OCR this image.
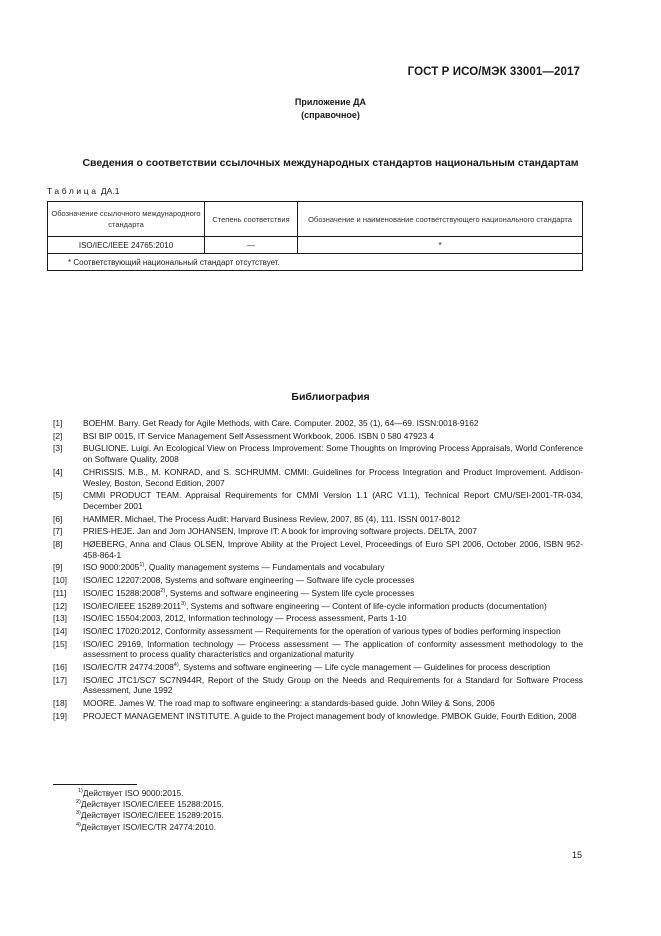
ГОСТ Р ИСО/МЭК 33001—2017
Приложение ДА
(справочное)
Сведения о соответствии ссылочных международных стандартов национальным стандартам
Таблица ДА.1
Обозначение ссылочного международного стандарта	Степень соответствия	Обозначение и наименование соответствующего национального стандарта
ISO/IEC/IEEE 24765:2010	—	*
* Соответствующий национальный стандарт отсутствует.		
Библиография
[1]	BOEHM. Barry. Get Ready for Agile Methods, with Care. Computer. 2002, 35 (1), 64—69. ISSN:0018-9162
[2]	BSI BIP 0015, IT Service Management Self Assessment Workbook, 2006. ISBN 0 580 47923 4
[3]	BUGLIONE. Luigi. An Ecological View on Process Improvement: Some Thoughts on Improving Process Appraisals, World Conference on Software Quality, 2008
[4]	CHRISSIS. M.B., M. KONRAD, and S. SCHRUMM. CMMI: Guidelines for Process Integration and Product Improvement. Addison-Wesley, Boston, Second Edition, 2007
[5]	CMMI PRODUCT TEAM. Appraisal Requirements for CMMI Version 1.1 (ARC V1.1), Technical Report CMU/SEI-2001-TR-034, December 2001
[6]	HAMMER. Michael, The Process Audit: Harvard Business Review, 2007, 85 (4), 111. ISSN 0017-8012
[7]	PRIES-HEJE. Jan and Jorn JOHANSEN, Improve IT: A book for improving software projects. DELTA, 2007
[8]	HØEBERG, Anna and Claus OLSEN, Improve Ability at the Project Level, Proceedings of Euro SPI 2006, October 2006, ISBN 952-458-864-1
[9]	ISO 9000:2005$^{1)}$, Quality management systems — Fundamentals and vocabulary
[10]	ISO/IEC 12207:2008, Systems and software engineering — Software life cycle processes
[11]	ISO/IEC 15288:2008$^{2)}$, Systems and software engineering — System life cycle processes
[12]	ISO/IEC/IEEE 15289:2011$^{3)}$, Systems and software engineering — Content of life-cycle information products (documentation)
[13]	ISO/IEC 15504:2003, 2012, Information technology — Process assessment, Parts 1-10
[14]	ISO/IEC 17020:2012, Conformity assessment — Requirements for the operation of various types of bodies performing inspection
[15]	ISO/IEC 29169, Information technology — Process assessment — The application of conformity assessment methodology to the assessment to process quality characteristics and organizational maturity
[16]	ISO/IEC/TR 24774:2008$^{4)}$, Systems and software engineering — Life cycle management — Guidelines for process description
[17]	ISO/IEC JTC1/SC7 SC7N944R, Report of the Study Group on the Needs and Requirements for a Standard for Software Process Assessment, June 1992
[18]	MOORE. James W. The road map to software engineering: a standards-based guide. John Wiley & Sons, 2006
[19]	PROJECT MANAGEMENT INSTITUTE. A guide to the Project management body of knowledge. PMBOK Guide, Fourth Edition, 2008
$^{1)}$Действует ISO 9000:2015.
$^{2)}$Действует ISO/IEC/IEEE 15288:2015.
$^{3)}$Действует ISO/IEC/IEEE 15289:2015.
$^{4)}$Действует ISO/IEC/TR 24774:2010.
15
